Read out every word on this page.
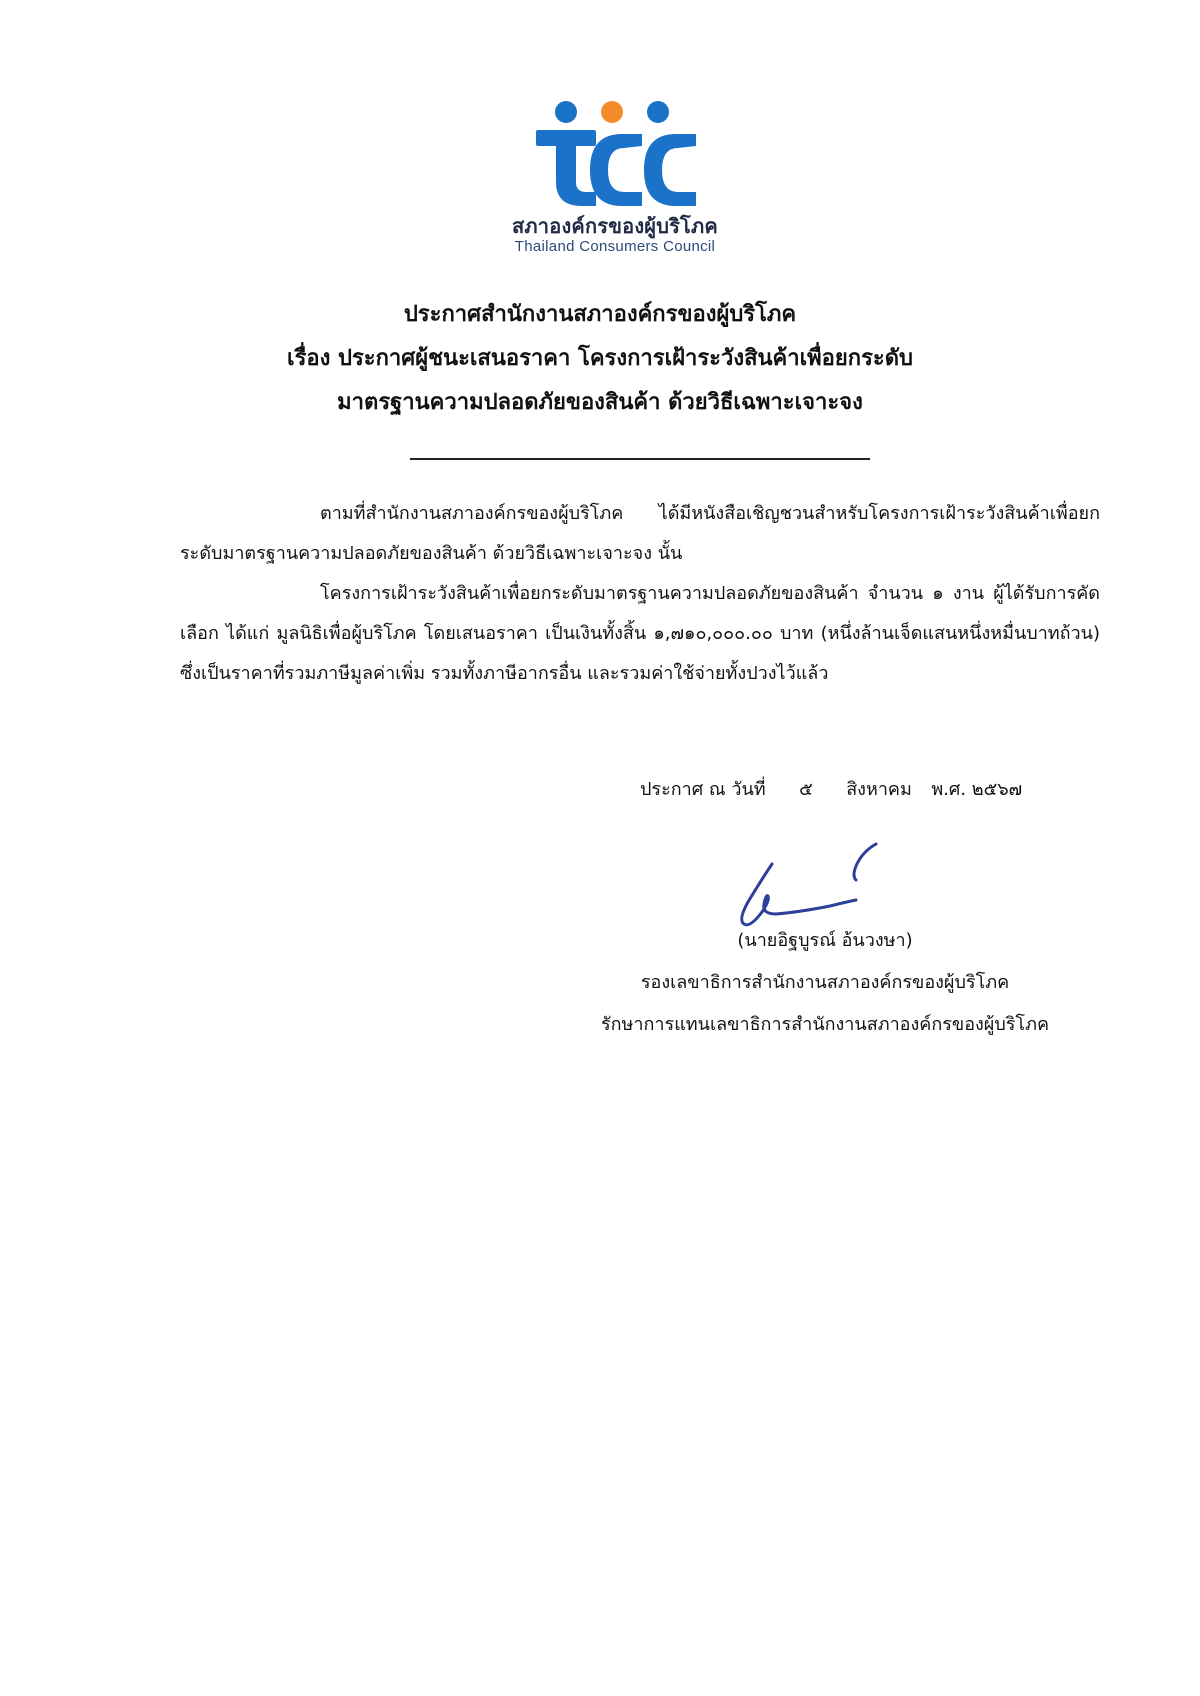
สภาองค์กรของผู้บริโภค
Thailand Consumers Council
ประกาศสำนักงานสภาองค์กรของผู้บริโภค
เรื่อง ประกาศผู้ชนะเสนอราคา โครงการเฝ้าระวังสินค้าเพื่อยกระดับ
มาตรฐานความปลอดภัยของสินค้า ด้วยวิธีเฉพาะเจาะจง

ตามที่สำนักงานสภาองค์กรของผู้บริโภค ได้มีหนังสือเชิญชวนสำหรับโครงการเฝ้าระวังสินค้าเพื่อยกระดับมาตรฐานความปลอดภัยของสินค้า ด้วยวิธีเฉพาะเจาะจง นั้น

โครงการเฝ้าระวังสินค้าเพื่อยกระดับมาตรฐานความปลอดภัยของสินค้า จำนวน ๑ งาน ผู้ได้รับการคัดเลือก ได้แก่ มูลนิธิเพื่อผู้บริโภค โดยเสนอราคา เป็นเงินทั้งสิ้น ๑,๗๑๐,๐๐๐.๐๐ บาท (หนึ่งล้านเจ็ดแสนหนึ่งหมื่นบาทถ้วน) ซึ่งเป็นราคาที่รวมภาษีมูลค่าเพิ่ม รวมทั้งภาษีอากรอื่น และรวมค่าใช้จ่ายทั้งปวงไว้แล้ว

ประกาศ ณ วันที่ ๕ สิงหาคม พ.ศ. ๒๕๖๗
(นายอิฐบูรณ์ อ้นวงษา)
รองเลขาธิการสำนักงานสภาองค์กรของผู้บริโภค
รักษาการแทนเลขาธิการสำนักงานสภาองค์กรของผู้บริโภค
